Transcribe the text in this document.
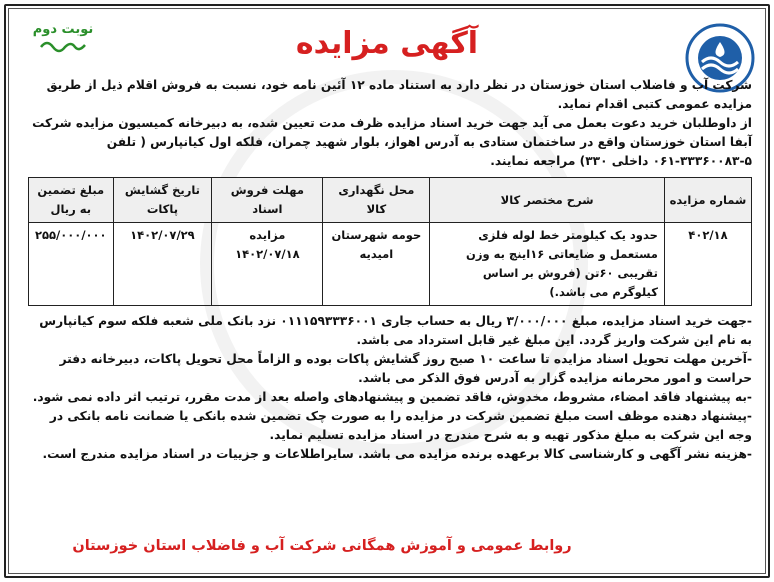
نوبت دوم	آگهی مزایده

شرکت آب و فاضلاب استان خوزستان در نظر دارد به استناد ماده ۱۲ آئین نامه خود، نسبت به فروش اقلام ذیل از طریق مزایده عمومی کتبی اقدام نماید.

از داوطلبان خرید دعوت بعمل می آید جهت خرید اسناد مزایده ظرف مدت تعیین شده، به دبیرخانه کمیسیون مزایده شرکت آبفا استان خوزستان واقع در ساختمان ستادی به آدرس اهواز، بلوار شهید چمران، فلکه اول کیانپارس ( تلفن ۵-۳۳۳۶۰۰۸۳-۰۶۱ داخلی ۳۳۰) مراجعه نمایند.

شماره مزایده	شرح مختصر کالا	محل نگهداری کالا	مهلت فروش اسناد	تاریخ گشایش پاکات	مبلغ تضمین به ریال
۴۰۲/۱۸	حدود یک کیلومتر خط لوله فلزی مستعمل و ضایعاتی ۱۶اینچ به وزن تقریبی ۶۰تن (فروش بر اساس کیلوگرم می باشد.)	حومه شهرستان امیدیه	مزایده ۱۴۰۲/۰۷/۱۸	۱۴۰۲/۰۷/۲۹	۲۵۵/۰۰۰/۰۰۰

-جهت خرید اسناد مزایده، مبلغ ۳/۰۰۰/۰۰۰ ریال به حساب جاری ۰۱۱۱۵۹۳۳۳۶۰۰۱ نزد بانک ملی شعبه فلکه سوم کیانپارس به نام این شرکت واریز گردد. این مبلغ غیر قابل استرداد می باشد.

-آخرین مهلت تحویل اسناد مزایده تا ساعت ۱۰ صبح روز گشایش پاکات بوده و الزاماً محل تحویل پاکات، دبیرخانه دفتر حراست و امور محرمانه مزایده گزار به آدرس فوق الذکر می باشد.

-به پیشنهاد فاقد امضاء، مشروط، مخدوش، فاقد تضمین و پیشنهادهای واصله بعد از مدت مقرر، ترتیب اثر داده نمی شود.

-پیشنهاد دهنده موظف است مبلغ تضمین شرکت در مزایده را به صورت چک تضمین شده بانکی یا ضمانت نامه بانکی در وجه این شرکت به مبلغ مذکور تهیه و به شرح مندرج در اسناد مزایده تسلیم نماید.

-هزینه نشر آگهی و کارشناسی کالا برعهده برنده مزایده می باشد. سایراطلاعات و جزییات در اسناد مزایده مندرج است.

روابط عمومی و آموزش همگانی شرکت آب و فاضلاب استان خوزستان
